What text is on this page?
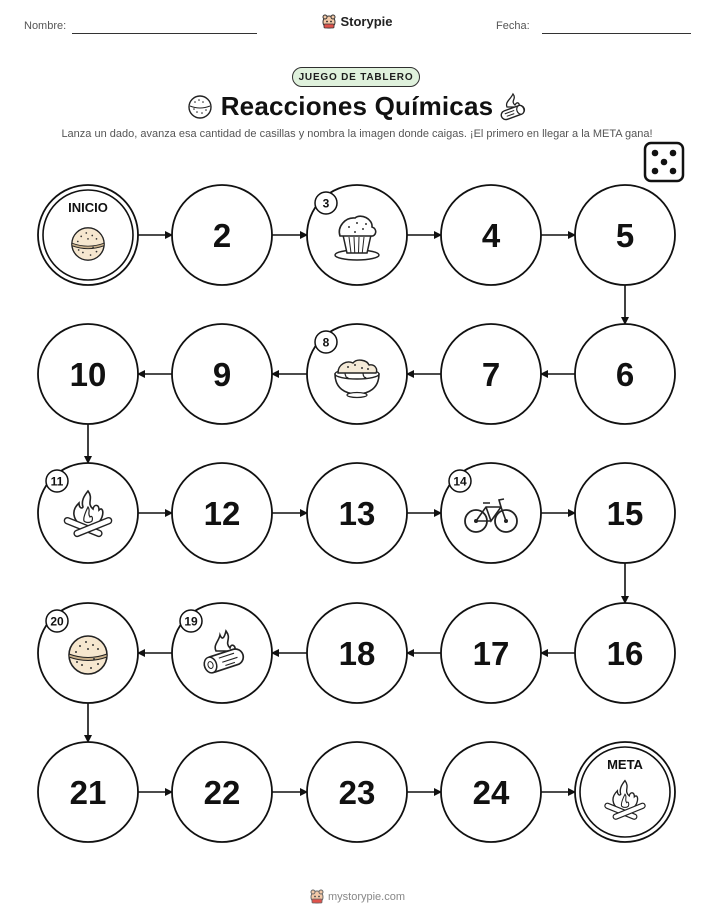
Nombre:	Storypie	Fecha:
JUEGO DE TABLERO
Reacciones Químicas
Lanza un dado, avanza esa cantidad de casillas y nombra la imagen donde caigas. ¡El primero en llegar a la META gana!
INICIO
2
3
4	5
6
7
8
9
10
11
12	13
14
15
16
17
18
19
20
21	22	23	24
META
mystorypie.com
